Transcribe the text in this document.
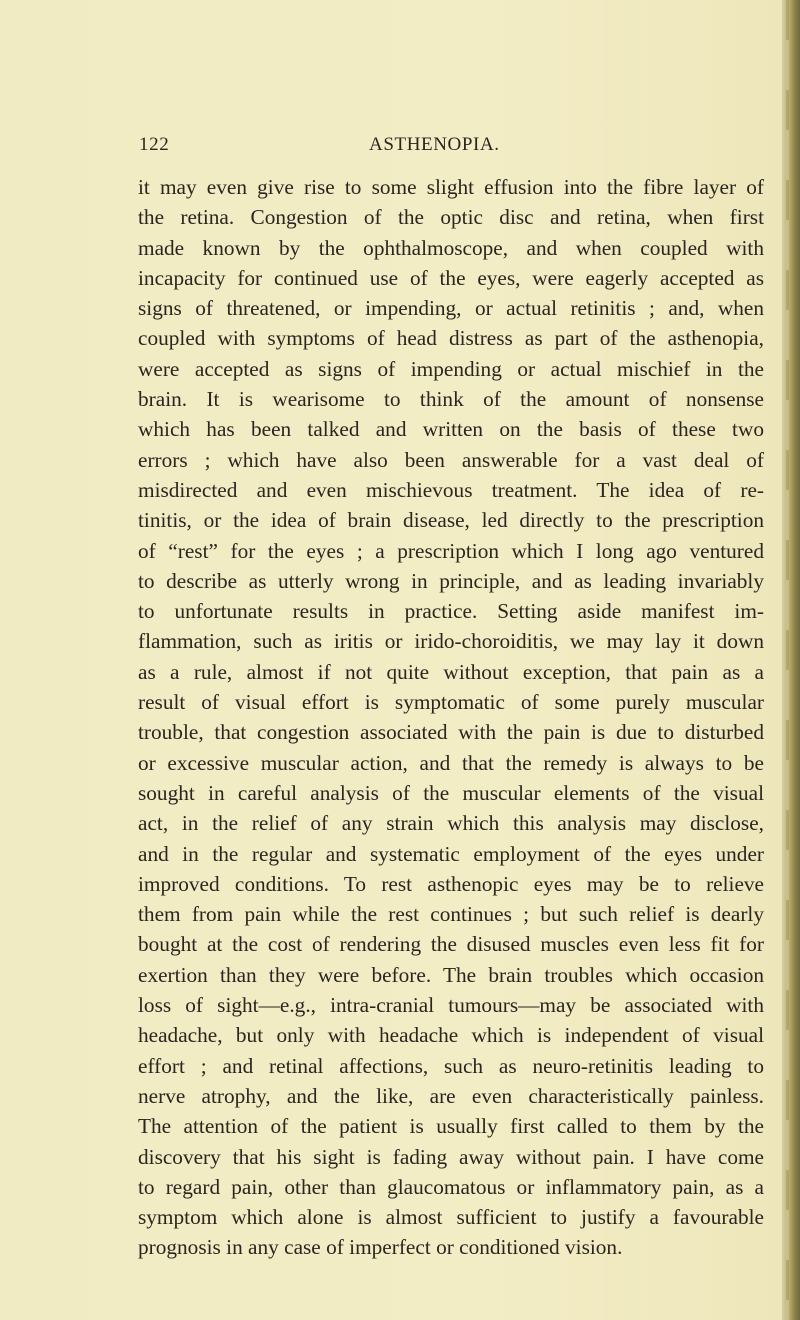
122	ASTHENOPIA.
it may even give rise to some slight effusion into the fibre layer of
the retina. Congestion of the optic disc and retina, when first
made known by the ophthalmoscope, and when coupled with
incapacity for continued use of the eyes, were eagerly accepted as
signs of threatened, or impending, or actual retinitis ; and, when
coupled with symptoms of head distress as part of the asthenopia,
were accepted as signs of impending or actual mischief in the
brain. It is wearisome to think of the amount of nonsense
which has been talked and written on the basis of these two
errors ; which have also been answerable for a vast deal of
misdirected and even mischievous treatment. The idea of re-
tinitis, or the idea of brain disease, led directly to the prescription
of “rest” for the eyes ; a prescription which I long ago ventured
to describe as utterly wrong in principle, and as leading invariably
to unfortunate results in practice. Setting aside manifest im-
flammation, such as iritis or irido-choroiditis, we may lay it down
as a rule, almost if not quite without exception, that pain as a
result of visual effort is symptomatic of some purely muscular
trouble, that congestion associated with the pain is due to disturbed
or excessive muscular action, and that the remedy is always to be
sought in careful analysis of the muscular elements of the visual
act, in the relief of any strain which this analysis may disclose,
and in the regular and systematic employment of the eyes under
improved conditions. To rest asthenopic eyes may be to relieve
them from pain while the rest continues ; but such relief is dearly
bought at the cost of rendering the disused muscles even less fit for
exertion than they were before. The brain troubles which occasion
loss of sight—e.g., intra-cranial tumours—may be associated with
headache, but only with headache which is independent of visual
effort ; and retinal affections, such as neuro-retinitis leading to
nerve atrophy, and the like, are even characteristically painless.
The attention of the patient is usually first called to them by the
discovery that his sight is fading away without pain. I have come
to regard pain, other than glaucomatous or inflammatory pain, as a
symptom which alone is almost sufficient to justify a favourable
prognosis in any case of imperfect or conditioned vision.
